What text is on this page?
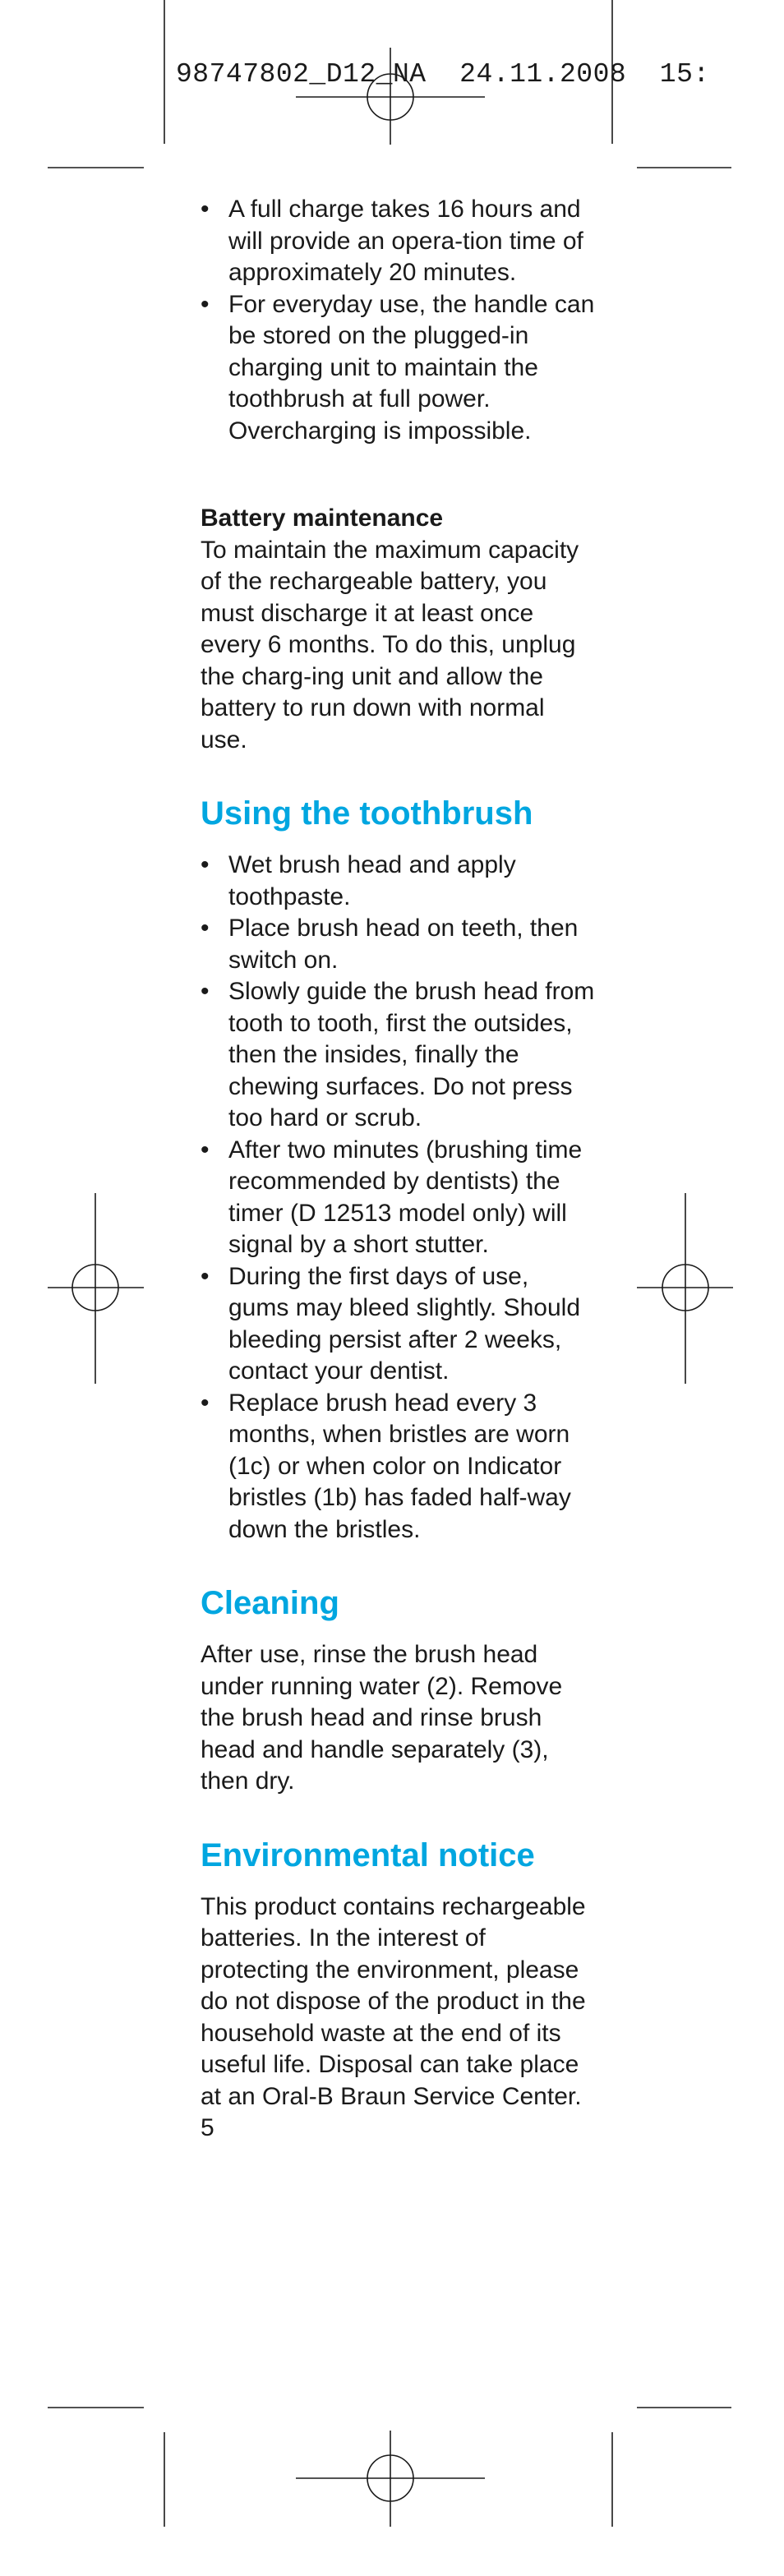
98747802_D12_NA  24.11.2008  15:
• A full charge takes 16 hours and will provide an opera-tion time of approximately 20 minutes.
• For everyday use, the handle can be stored on the plugged-in charging unit to maintain the toothbrush at full power. Overcharging is impossible.

Battery maintenance

To maintain the maximum capacity of the rechargeable battery, you must discharge it at least once every 6 months. To do this, unplug the charg-ing unit and allow the battery to run down with normal use.

Using the toothbrush
• Wet brush head and apply toothpaste.
• Place brush head on teeth, then switch on.
• Slowly guide the brush head from tooth to tooth, first the outsides, then the insides, finally the chewing surfaces. Do not press too hard or scrub.
• After two minutes (brushing time recommended by dentists) the timer (D 12513 model only) will signal by a short stutter.
• During the first days of use, gums may bleed slightly. Should bleeding persist after 2 weeks, contact your dentist.
• Replace brush head every 3 months, when bristles are worn (1c) or when color on Indicator bristles (1b) has faded half-way down the bristles.
Cleaning

After use, rinse the brush head under running water (2). Remove the brush head and rinse brush head and handle separately (3), then dry.

Environmental notice

This product contains rechargeable batteries. In the interest of protecting the environment, please do not dispose of the product in the household waste at the end of its useful life. Disposal can take place at an Oral-B Braun Service Center.

5
